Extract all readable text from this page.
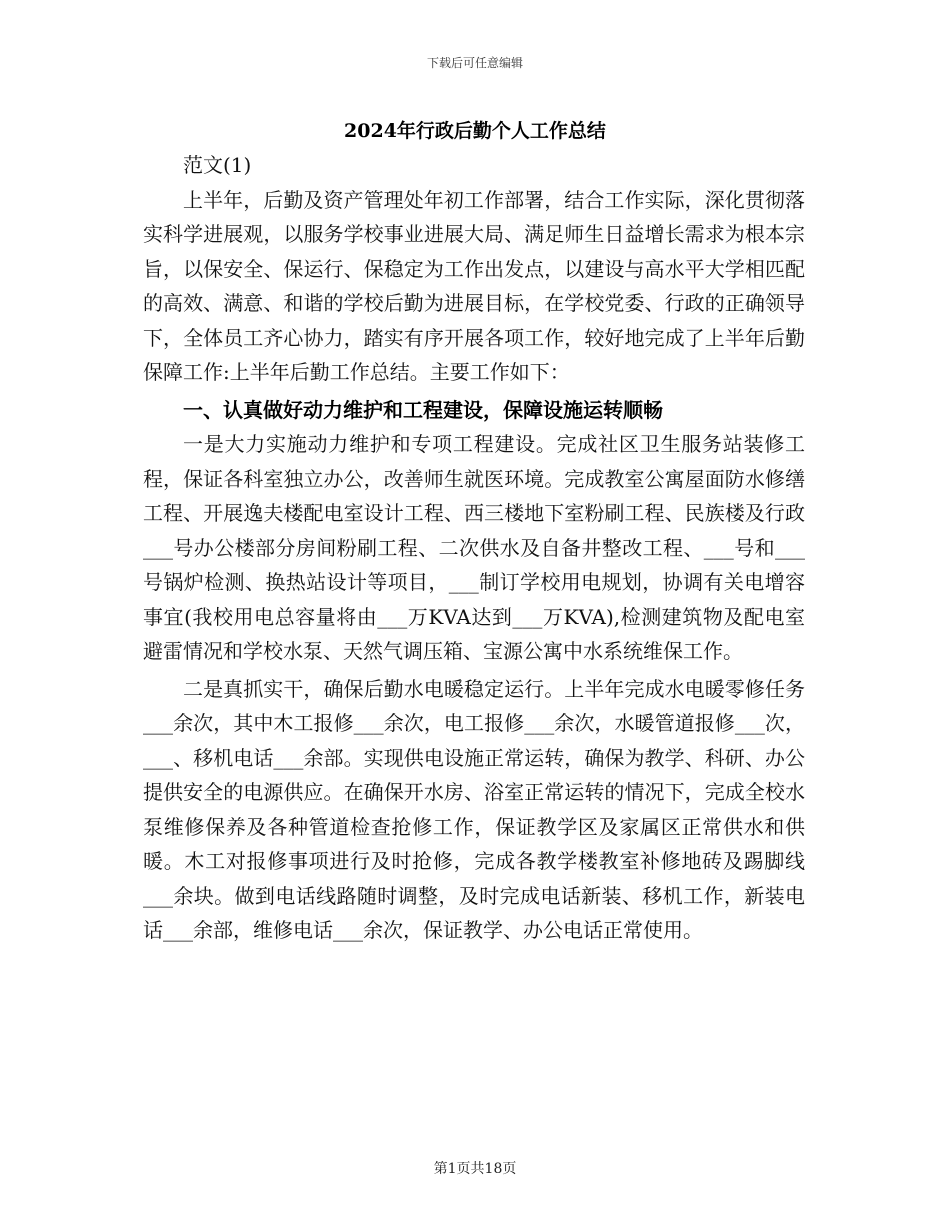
下载后可任意编辑
2024年行政后勤个人工作总结

范文(1)

上半年，后勤及资产管理处年初工作部署，结合工作实际，深化贯彻落实科学进展观，以服务学校事业进展大局、满足师生日益增长需求为根本宗旨，以保安全、保运行、保稳定为工作出发点，以建设与高水平大学相匹配的高效、满意、和谐的学校后勤为进展目标，在学校党委、行政的正确领导下，全体员工齐心协力，踏实有序开展各项工作，较好地完成了上半年后勤保障工作:上半年后勤工作总结。主要工作如下：

一、认真做好动力维护和工程建设，保障设施运转顺畅

一是大力实施动力维护和专项工程建设。完成社区卫生服务站装修工程，保证各科室独立办公，改善师生就医环境。完成教室公寓屋面防水修缮工程、开展逸夫楼配电室设计工程、西三楼地下室粉刷工程、民族楼及行政___号办公楼部分房间粉刷工程、二次供水及自备井整改工程、___号和___号锅炉检测、换热站设计等项目，___制订学校用电规划，协调有关电增容事宜(我校用电总容量将由___万KVA达到___万KVA),检测建筑物及配电室避雷情况和学校水泵、天然气调压箱、宝源公寓中水系统维保工作。

二是真抓实干，确保后勤水电暖稳定运行。上半年完成水电暖零修任务___余次，其中木工报修___余次，电工报修___余次，水暖管道报修___次，___、移机电话___余部。实现供电设施正常运转，确保为教学、科研、办公提供安全的电源供应。在确保开水房、浴室正常运转的情况下，完成全校水泵维修保养及各种管道检查抢修工作，保证教学区及家属区正常供水和供暖。木工对报修事项进行及时抢修，完成各教学楼教室补修地砖及踢脚线___余块。做到电话线路随时调整，及时完成电话新装、移机工作，新装电话___余部，维修电话___余次，保证教学、办公电话正常使用。

第1页共18页
